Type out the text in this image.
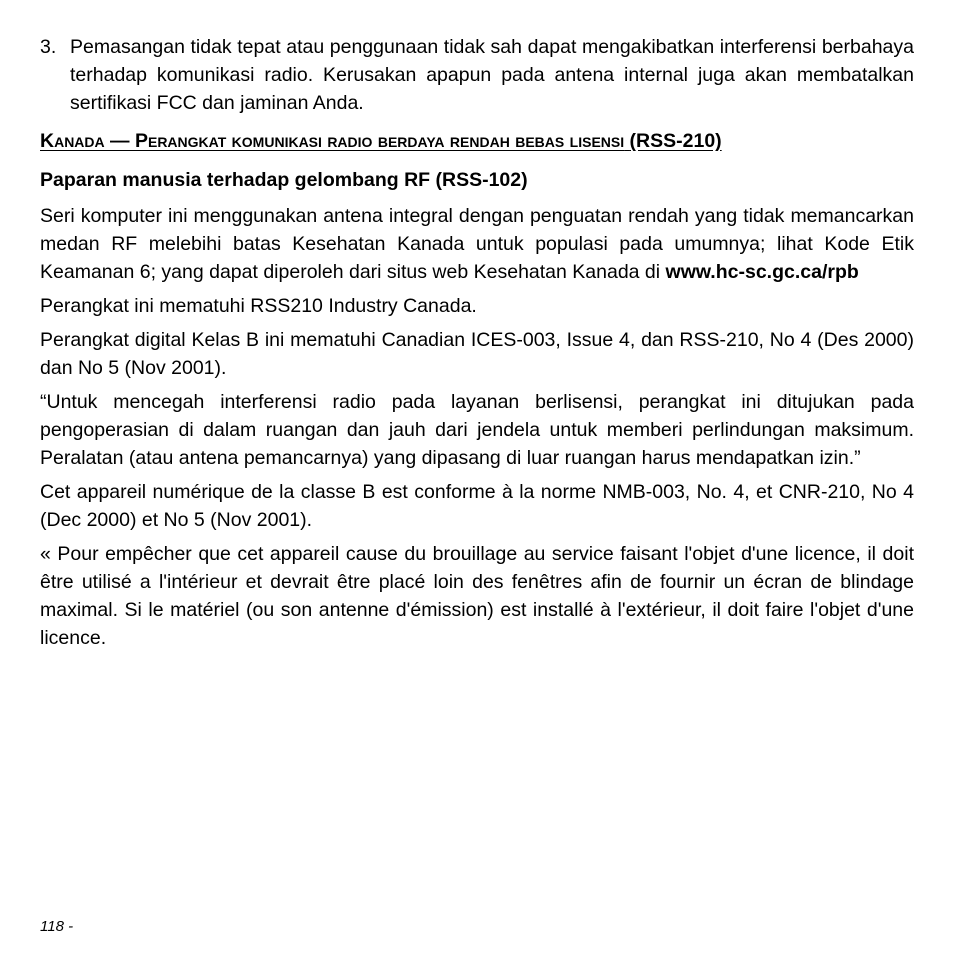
3. Pemasangan tidak tepat atau penggunaan tidak sah dapat mengakibatkan interferensi berbahaya terhadap komunikasi radio. Kerusakan apapun pada antena internal juga akan membatalkan sertifikasi FCC dan jaminan Anda.
Kanada — Perangkat komunikasi radio berdaya rendah bebas lisensi (RSS-210)
Paparan manusia terhadap gelombang RF (RSS-102)

Seri komputer ini menggunakan antena integral dengan penguatan rendah yang tidak memancarkan medan RF melebihi batas Kesehatan Kanada untuk populasi pada umumnya; lihat Kode Etik Keamanan 6; yang dapat diperoleh dari situs web Kesehatan Kanada di www.hc-sc.gc.ca/rpb

Perangkat ini mematuhi RSS210 Industry Canada.

Perangkat digital Kelas B ini mematuhi Canadian ICES-003, Issue 4, dan RSS-210, No 4 (Des 2000) dan No 5 (Nov 2001).

“Untuk mencegah interferensi radio pada layanan berlisensi, perangkat ini ditujukan pada pengoperasian di dalam ruangan dan jauh dari jendela untuk memberi perlindungan maksimum. Peralatan (atau antena pemancarnya) yang dipasang di luar ruangan harus mendapatkan izin.”

Cet appareil numérique de la classe B est conforme à la norme NMB-003, No. 4, et CNR-210, No 4 (Dec 2000) et No 5 (Nov 2001).

« Pour empêcher que cet appareil cause du brouillage au service faisant l'objet d'une licence, il doit être utilisé a l'intérieur et devrait être placé loin des fenêtres afin de fournir un écran de blindage maximal. Si le matériel (ou son antenne d'émission) est installé à l'extérieur, il doit faire l'objet d'une licence.

118 -
